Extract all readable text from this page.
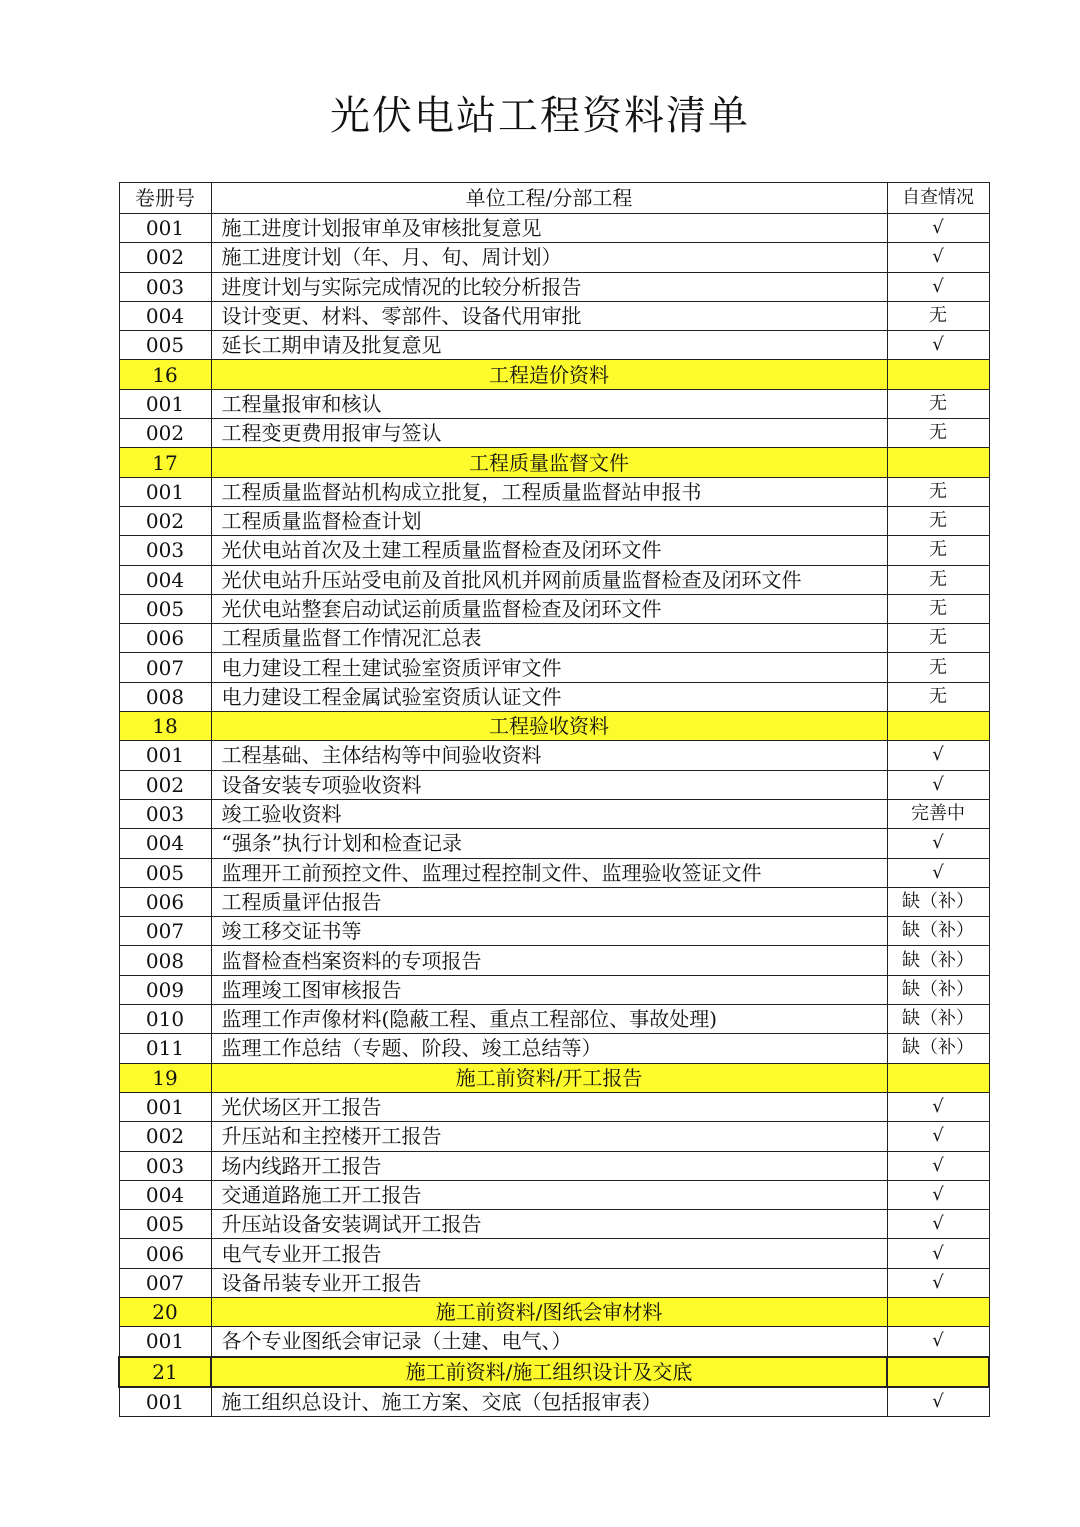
光伏电站工程资料清单
卷册号	单位工程/分部工程	自查情况
001	施工进度计划报审单及审核批复意见	√
002	施工进度计划（年、月、旬、周计划）	√
003	进度计划与实际完成情况的比较分析报告	√
004	设计变更、材料、零部件、设备代用审批	无
005	延长工期申请及批复意见	√
16	工程造价资料	
001	工程量报审和核认	无
002	工程变更费用报审与签认	无
17	工程质量监督文件	
001	工程质量监督站机构成立批复，工程质量监督站申报书	无
002	工程质量监督检查计划	无
003	光伏电站首次及土建工程质量监督检查及闭环文件	无
004	光伏电站升压站受电前及首批风机并网前质量监督检查及闭环文件	无
005	光伏电站整套启动试运前质量监督检查及闭环文件	无
006	工程质量监督工作情况汇总表	无
007	电力建设工程土建试验室资质评审文件	无
008	电力建设工程金属试验室资质认证文件	无
18	工程验收资料	
001	工程基础、主体结构等中间验收资料	√
002	设备安装专项验收资料	√
003	竣工验收资料	完善中
004	“强条”执行计划和检查记录	√
005	监理开工前预控文件、监理过程控制文件、监理验收签证文件	√
006	工程质量评估报告	缺（补）
007	竣工移交证书等	缺（补）
008	监督检查档案资料的专项报告	缺（补）
009	监理竣工图审核报告	缺（补）
010	监理工作声像材料(隐蔽工程、重点工程部位、事故处理)	缺（补）
011	监理工作总结（专题、阶段、竣工总结等）	缺（补）
19	施工前资料/开工报告	
001	光伏场区开工报告	√
002	升压站和主控楼开工报告	√
003	场内线路开工报告	√
004	交通道路施工开工报告	√
005	升压站设备安装调试开工报告	√
006	电气专业开工报告	√
007	设备吊装专业开工报告	√
20	施工前资料/图纸会审材料	
001	各个专业图纸会审记录（土建、电气、）	√
21	施工前资料/施工组织设计及交底	
001	施工组织总设计、施工方案、交底（包括报审表）	√
